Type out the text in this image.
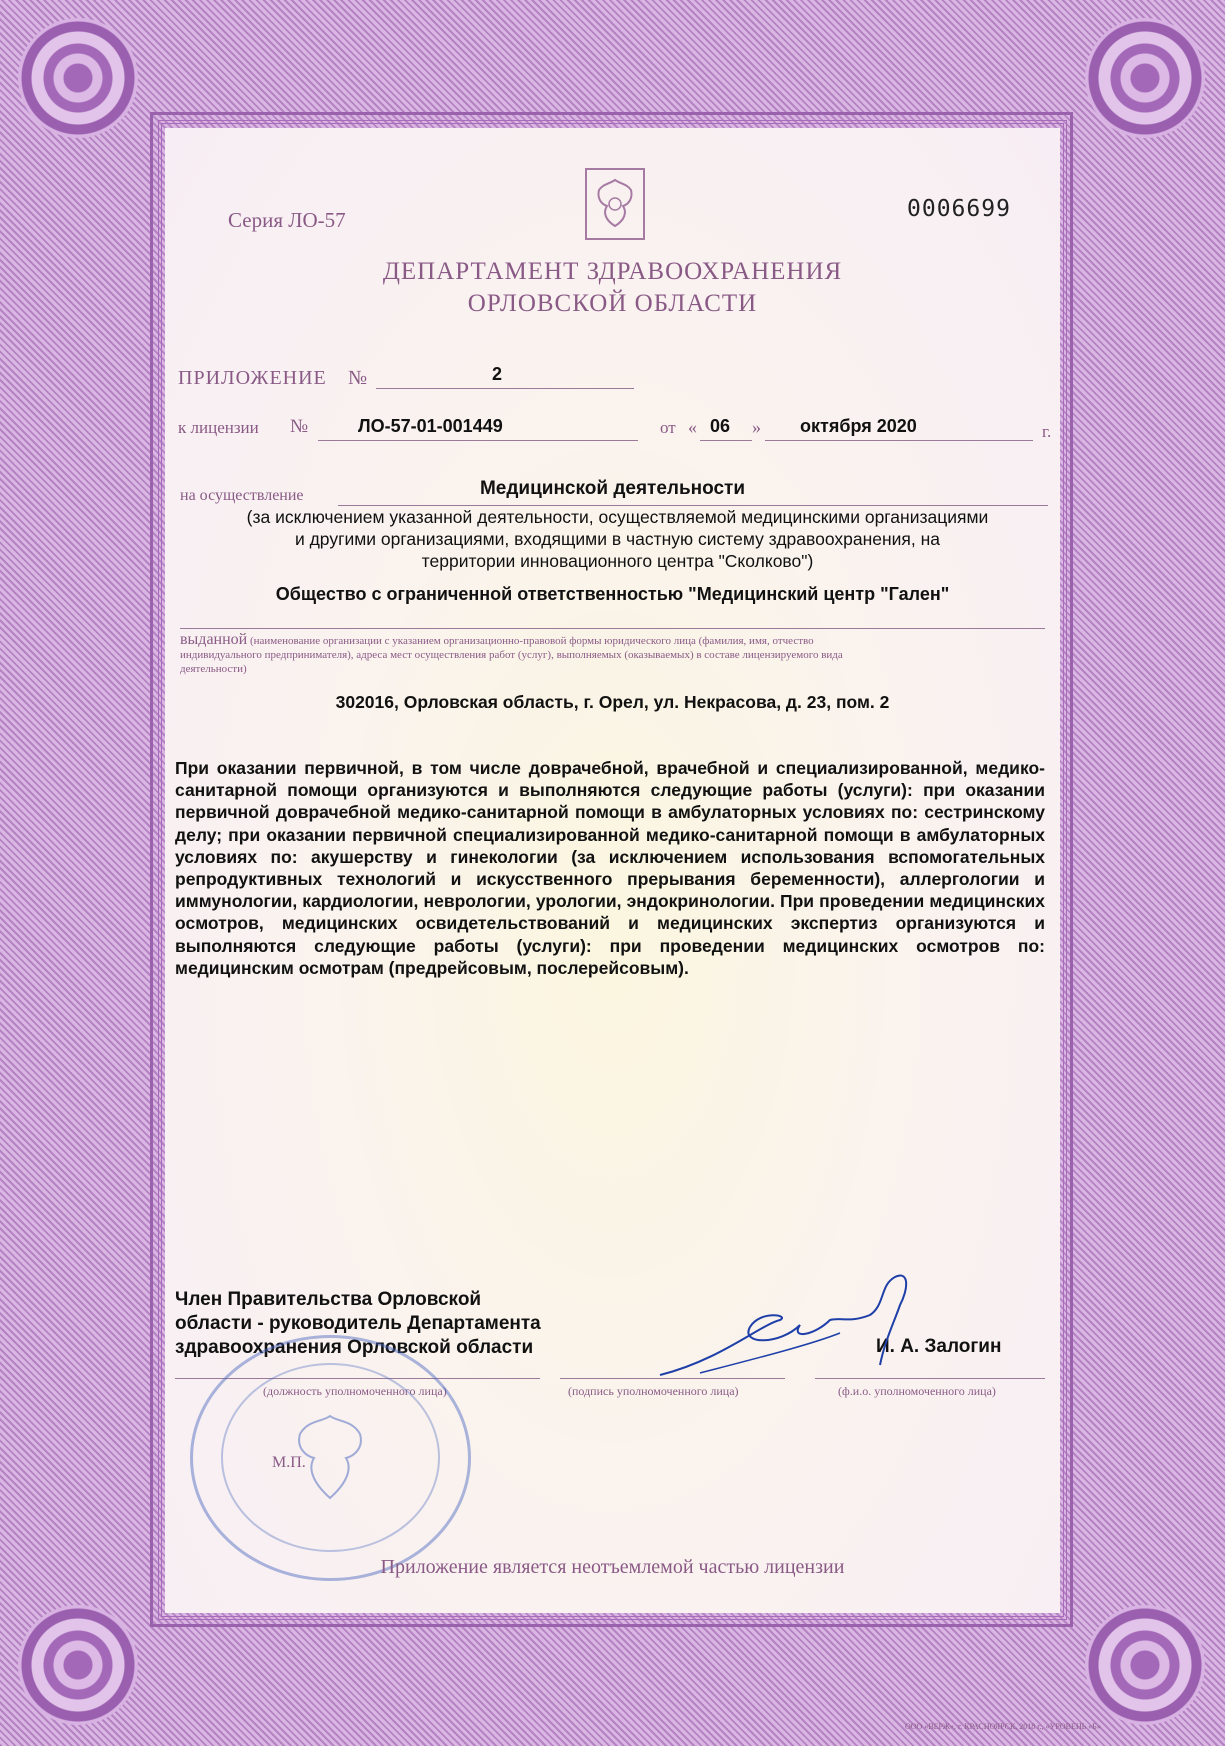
Серия ЛО-57	0006699
ДЕПАРТАМЕНТ ЗДРАВООХРАНЕНИЯ
ОРЛОВСКОЙ ОБЛАСТИ
ПРИЛОЖЕНИЕ №	2
к лицензии №	ЛО-57-01-001449	от « 06 » октября 2020	г.
на осуществление	Медицинской деятельности
(за исключением указанной деятельности, осуществляемой медицинскими организациями
и другими организациями, входящими в частную систему здравоохранения, на
территории инновационного центра "Сколково")
Общество с ограниченной ответственностью "Медицинский центр "Гален"
выданной (наименование организации с указанием организационно-правовой формы юридического лица (фамилия, имя, отчество
индивидуального предпринимателя), адреса мест осуществления работ (услуг), выполняемых (оказываемых) в составе лицензируемого вида
деятельности)
302016, Орловская область, г. Орел, ул. Некрасова, д. 23, пом. 2
При оказании первичной, в том числе доврачебной, врачебной и специализированной, медико-санитарной помощи организуются и выполняются следующие работы (услуги): при оказании первичной доврачебной медико-санитарной помощи в амбулаторных условиях по: сестринскому делу; при оказании первичной специализированной медико-санитарной помощи в амбулаторных условиях по: акушерству и гинекологии (за исключением использования вспомогательных репродуктивных технологий и искусственного прерывания беременности), аллергологии и иммунологии, кардиологии, неврологии, урологии, эндокринологии. При проведении медицинских осмотров, медицинских освидетельствований и медицинских экспертиз организуются и выполняются следующие работы (услуги): при проведении медицинских осмотров по: медицинским осмотрам (предрейсовым, послерейсовым).
Член Правительства Орловской
области - руководитель Департамента
здравоохранения Орловской области	И. А. Залогин
(должность уполномоченного лица)	(подпись уполномоченного лица)	(ф.и.о. уполномоченного лица)
М.П.
Приложение является неотъемлемой частью лицензии
ООО «ВЕРЖ», г. КРАСНОЯРСК, 2018 г., «УРОВЕНЬ «Б»
